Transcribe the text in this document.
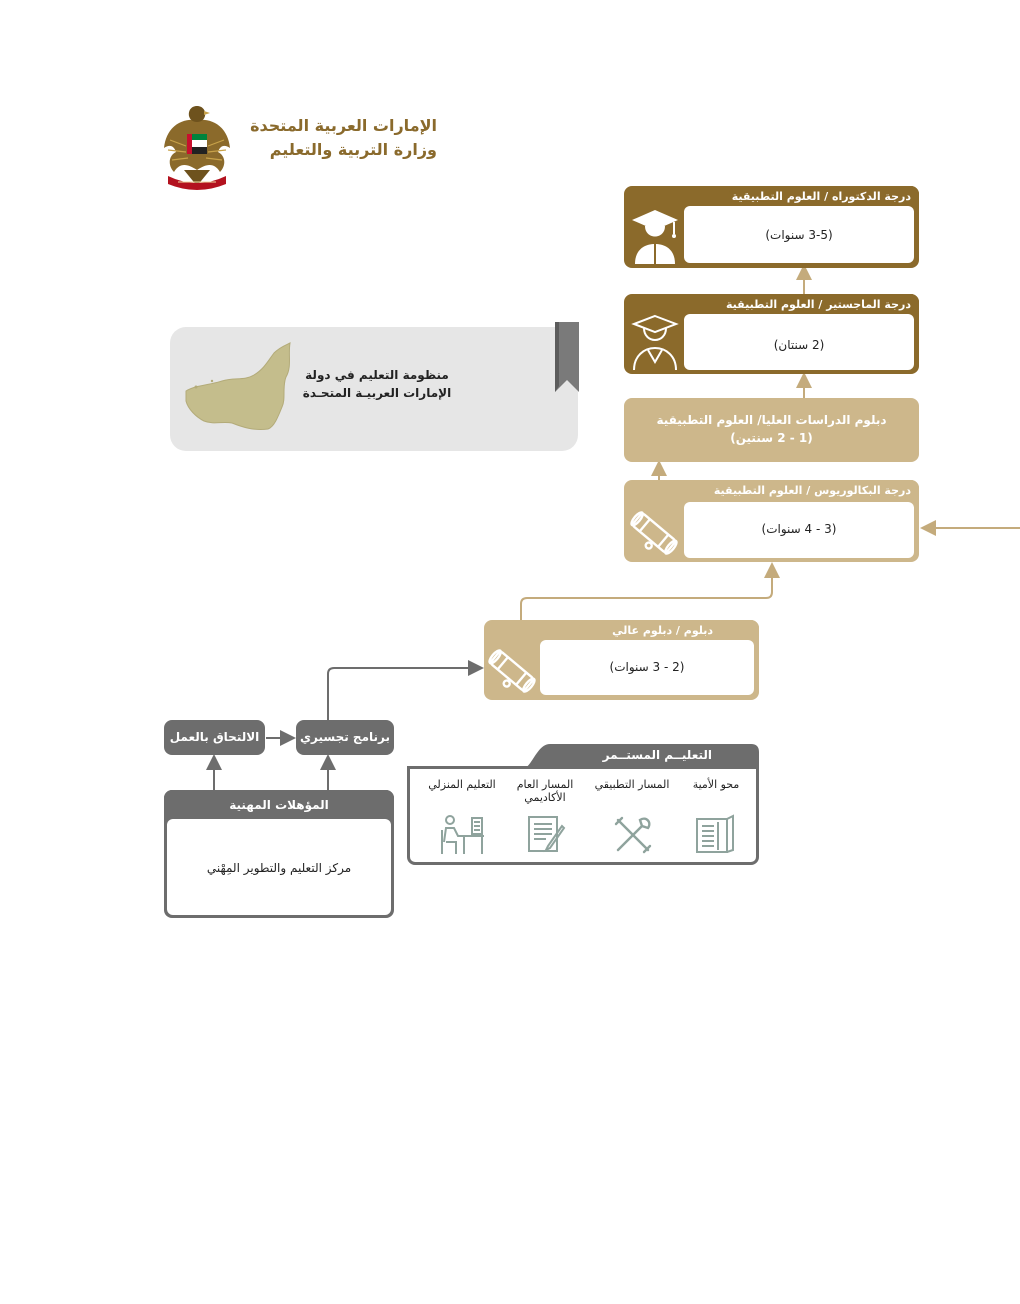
الإمارات العربية المتحدة
وزارة التربية والتعليم
منظومة التعليم في دولة
الإمارات العربيـة المتحـدة
درجة الدكتوراه / العلوم التطبيقية
(3-5 سنوات)
درجة الماجستير / العلوم التطبيقية
(2 سنتان)
دبلوم الدراسات العليا/ العلوم التطبيقية
(1 - 2 سنتين)
درجة البكالوريوس / العلوم التطبيقية
(3 - 4 سنوات)
دبلوم / دبلوم عالي
(2 - 3 سنوات)
الالتحاق بالعمل	برنامج تجسيري
المؤهلات المهنية
مركز التعليم والتطوير المِهْني
التعليــم المستــمر
محو الأمية
المسار التطبيقي
المسار العام
الأكاديمي
التعليم المنزلي
